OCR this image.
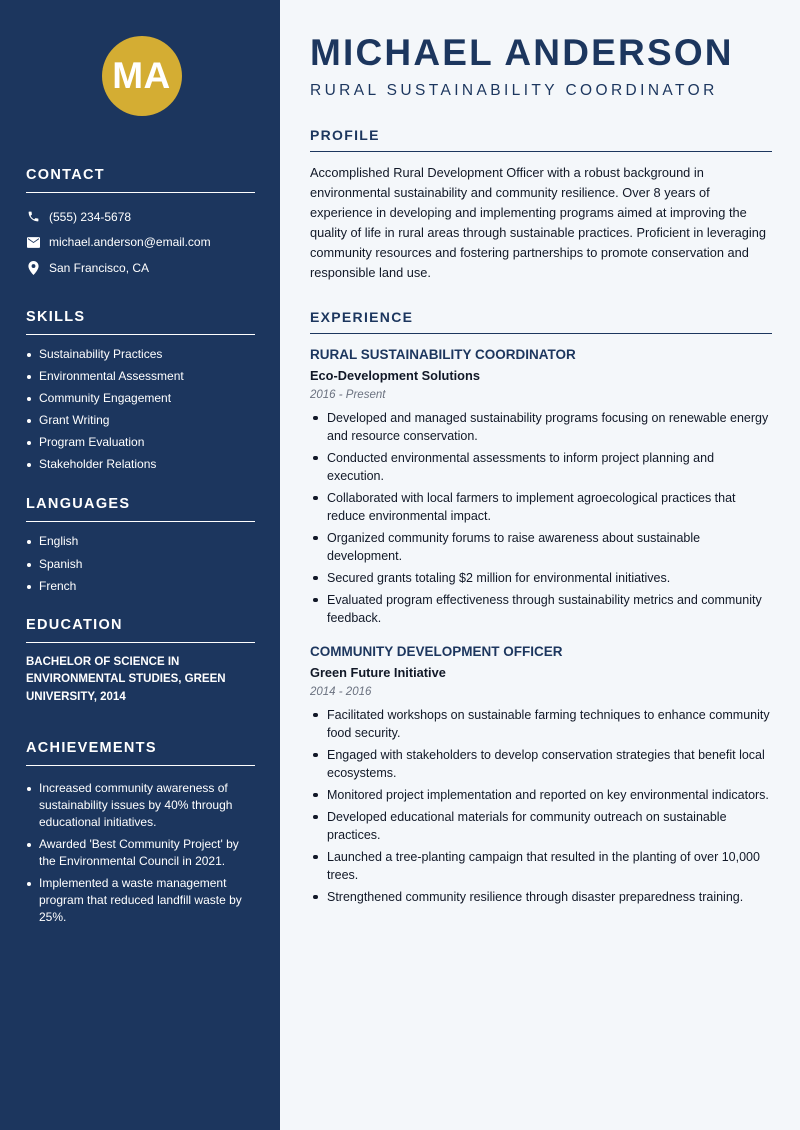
MA
CONTACT
(555) 234-5678
michael.anderson@email.com
San Francisco, CA
SKILLS
Sustainability Practices
Environmental Assessment
Community Engagement
Grant Writing
Program Evaluation
Stakeholder Relations
LANGUAGES
English
Spanish
French
EDUCATION

BACHELOR OF SCIENCE IN ENVIRONMENTAL STUDIES, GREEN UNIVERSITY, 2014

ACHIEVEMENTS
Increased community awareness of sustainability issues by 40% through educational initiatives.
Awarded 'Best Community Project' by the Environmental Council in 2021.
Implemented a waste management program that reduced landfill waste by 25%.
MICHAEL ANDERSON
RURAL SUSTAINABILITY COORDINATOR
PROFILE

Accomplished Rural Development Officer with a robust background in environmental sustainability and community resilience. Over 8 years of experience in developing and implementing programs aimed at improving the quality of life in rural areas through sustainable practices. Proficient in leveraging community resources and fostering partnerships to promote conservation and responsible land use.

EXPERIENCE
RURAL SUSTAINABILITY COORDINATOR
Eco-Development Solutions
2016 - Present
Developed and managed sustainability programs focusing on renewable energy and resource conservation.
Conducted environmental assessments to inform project planning and execution.
Collaborated with local farmers to implement agroecological practices that reduce environmental impact.
Organized community forums to raise awareness about sustainable development.
Secured grants totaling $2 million for environmental initiatives.
Evaluated program effectiveness through sustainability metrics and community feedback.
COMMUNITY DEVELOPMENT OFFICER
Green Future Initiative
2014 - 2016
Facilitated workshops on sustainable farming techniques to enhance community food security.
Engaged with stakeholders to develop conservation strategies that benefit local ecosystems.
Monitored project implementation and reported on key environmental indicators.
Developed educational materials for community outreach on sustainable practices.
Launched a tree-planting campaign that resulted in the planting of over 10,000 trees.
Strengthened community resilience through disaster preparedness training.
